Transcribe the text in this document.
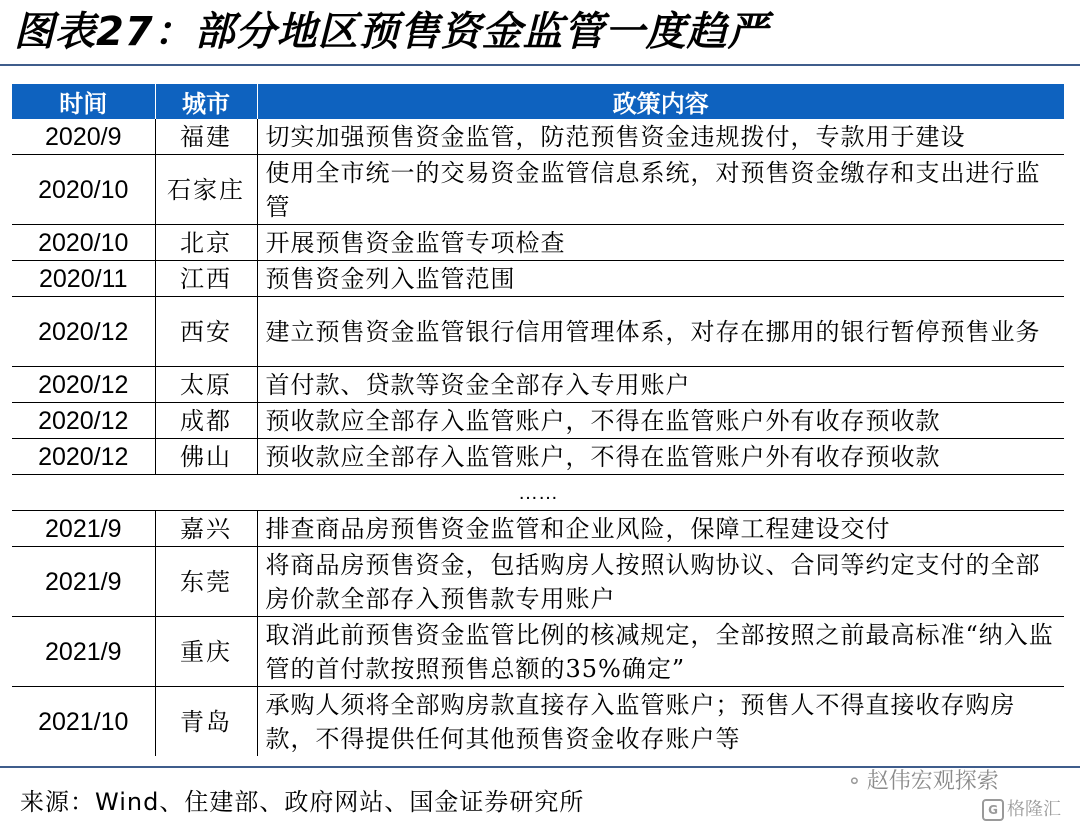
图表27：部分地区预售资金监管一度趋严
时间	城市	政策内容
2020/9	福建	切实加强预售资金监管，防范预售资金违规拨付，专款用于建设
2020/10	石家庄	使用全市统一的交易资金监管信息系统，对预售资金缴存和支出进行监管
2020/10	北京	开展预售资金监管专项检查
2020/11	江西	预售资金列入监管范围
2020/12	西安	建立预售资金监管银行信用管理体系，对存在挪用的银行暂停预售业务
2020/12	太原	首付款、贷款等资金全部存入专用账户
2020/12	成都	预收款应全部存入监管账户，不得在监管账户外有收存预收款
2020/12	佛山	预收款应全部存入监管账户，不得在监管账户外有收存预收款
……		
2021/9	嘉兴	排查商品房预售资金监管和企业风险，保障工程建设交付
2021/9	东莞	将商品房预售资金，包括购房人按照认购协议、合同等约定支付的全部房价款全部存入预售款专用账户
2021/9	重庆	取消此前预售资金监管比例的核减规定，全部按照之前最高标准“纳入监管的首付款按照预售总额的35%确定”
2021/10	青岛	承购人须将全部购房款直接存入监管账户；预售人不得直接收存购房款，不得提供任何其他预售资金收存账户等
来源：Wind、住建部、政府网站、国金证券研究所
⚬ 赵伟宏观探索
G 格隆汇
